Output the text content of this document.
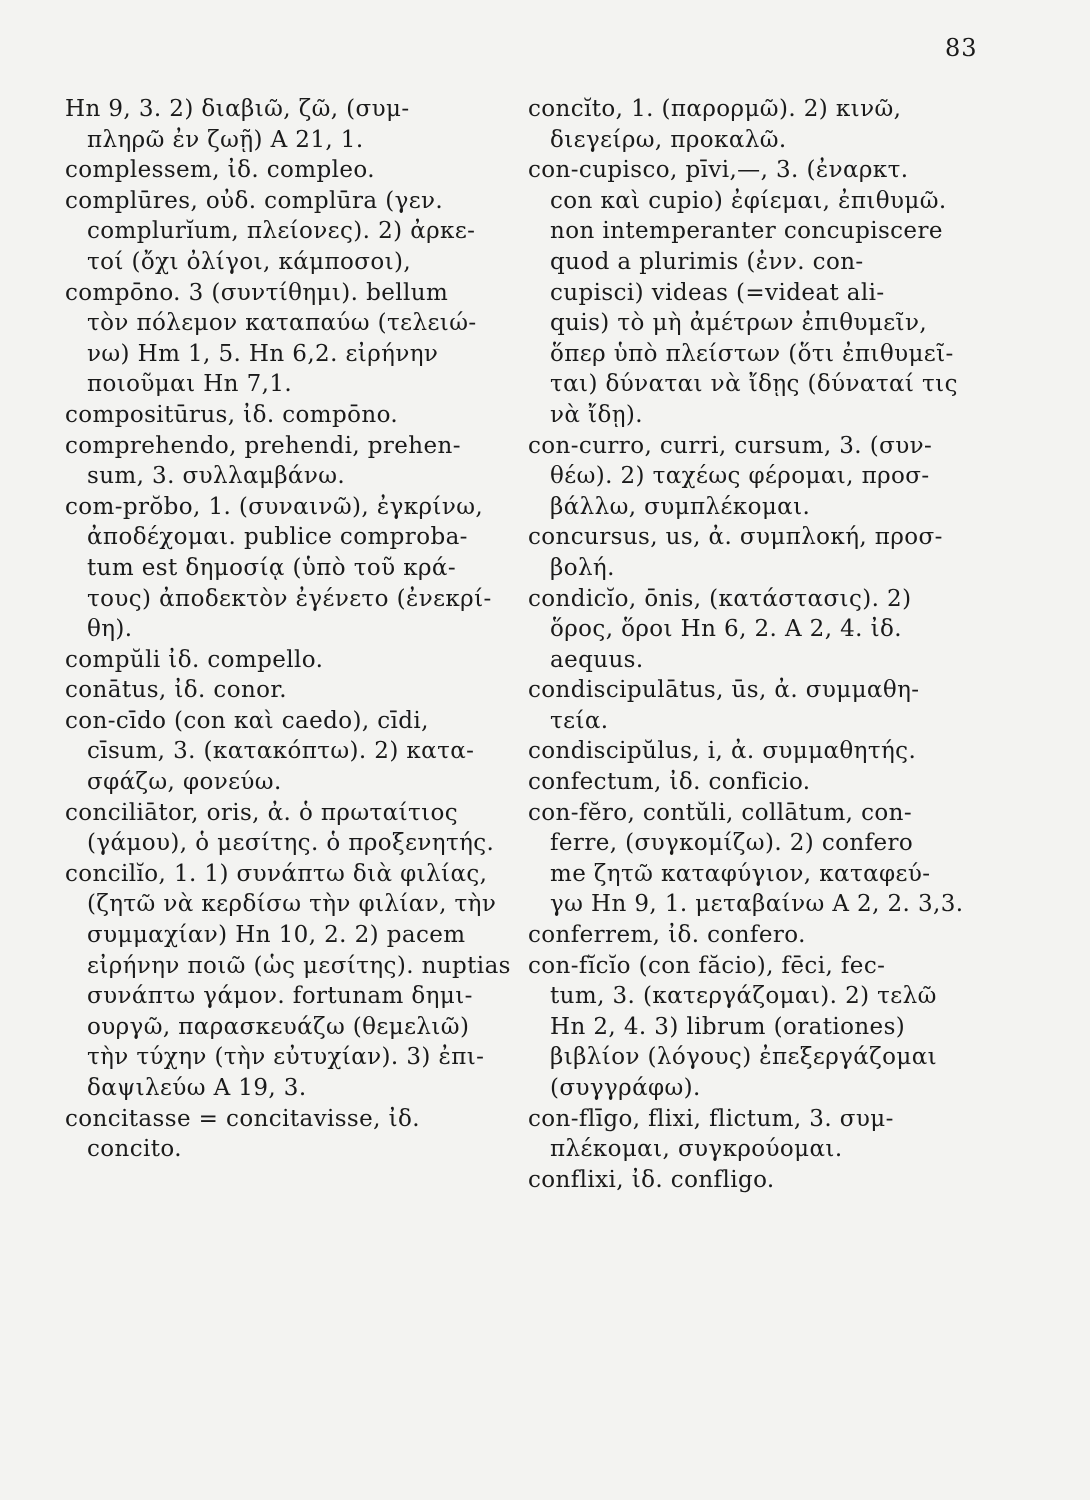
83
Hn 9, 3. 2) διαβιῶ, ζῶ, (συμ-
πληρῶ ἐν ζωῇ) A 21, 1.
complessem, ἰδ. compleo.
complūres, οὐδ. complūra (γεν.
complurĭum, πλείονες). 2) ἀρκε-
τοί (ὄχι ὀλίγοι, κάμποσοι),
compōno. 3 (συντίθημι). bellum
τὸν πόλεμον καταπαύω (τελειώ-
νω) Hm 1, 5. Hn 6,2. εἰρήνην
ποιοῦμαι Hn 7,1.
compositūrus, ἰδ. compōno.
comprehendo, prehendi, prehen-
sum, 3. συλλαμβάνω.
com-prŏbo, 1. (συναινῶ), ἐγκρίνω,
ἀποδέχομαι. publice comproba-
tum est δημοσίᾳ (ὑπὸ τοῦ κρά-
τους) ἀποδεκτὸν ἐγένετο (ἐνεκρί-
θη).
compŭli ἰδ. compello.
conātus, ἰδ. conor.
con-cīdo (con καὶ caedo), cīdi,
cīsum, 3. (κατακόπτω). 2) κατα-
σφάζω, φονεύω.
conciliātor, oris, ἀ. ὁ πρωταίτιος
(γάμου), ὁ μεσίτης. ὁ προξενητής.
concilĭo, 1. 1) συνάπτω διὰ φιλίας,
(ζητῶ νὰ κερδίσω τὴν φιλίαν, τὴν
συμμαχίαν) Hn 10, 2. 2) pacem
εἰρήνην ποιῶ (ὡς μεσίτης). nuptias
συνάπτω γάμον. fortunam δημι-
ουργῶ, παρασκευάζω (θεμελιῶ)
τὴν τύχην (τὴν εὐτυχίαν). 3) ἐπι-
δαψιλεύω A 19, 3.
concitasse = concitavisse, ἰδ.
concito.
concĭto, 1. (παρορμῶ). 2) κινῶ,
διεγείρω, προκαλῶ.
con-cupisco, pīvi,—, 3. (ἐναρκτ.
con καὶ cupio) ἐφίεμαι, ἐπιθυμῶ.
non intemperanter concupiscere
quod a plurimis (ἐνν. con-
cupisci) videas (=videat ali-
quis) τὸ μὴ ἀμέτρων ἐπιθυμεῖν,
ὅπερ ὑπὸ πλείστων (ὅτι ἐπιθυμεῖ-
ται) δύναται νὰ ἴδῃς (δύναταί τις
νὰ ἴδῃ).
con-curro, curri, cursum, 3. (συν-
θέω). 2) ταχέως φέρομαι, προσ-
βάλλω, συμπλέκομαι.
concursus, us, ἀ. συμπλοκή, προσ-
βολή.
condicĭo, ōnis, (κατάστασις). 2)
ὅρος, ὅροι Hn 6, 2. A 2, 4. ἰδ.
aequus.
condiscipulātus, ūs, ἀ. συμμαθη-
τεία.
condiscipŭlus, i, ἀ. συμμαθητής.
confectum, ἰδ. conficio.
con-fĕro, contŭli, collātum, con-
ferre, (συγκομίζω). 2) confero
me ζητῶ καταφύγιον, καταφεύ-
γω Hn 9, 1. μεταβαίνω A 2, 2. 3,3.
conferrem, ἰδ. confero.
con-fĭcĭo (con făcio), fēci, fec-
tum, 3. (κατεργάζομαι). 2) τελῶ
Hn 2, 4. 3) librum (orationes)
βιβλίον (λόγους) ἐπεξεργάζομαι
(συγγράφω).
con-flīgo, flixi, flictum, 3. συμ-
πλέκομαι, συγκρούομαι.
conflixi, ἰδ. confligo.
